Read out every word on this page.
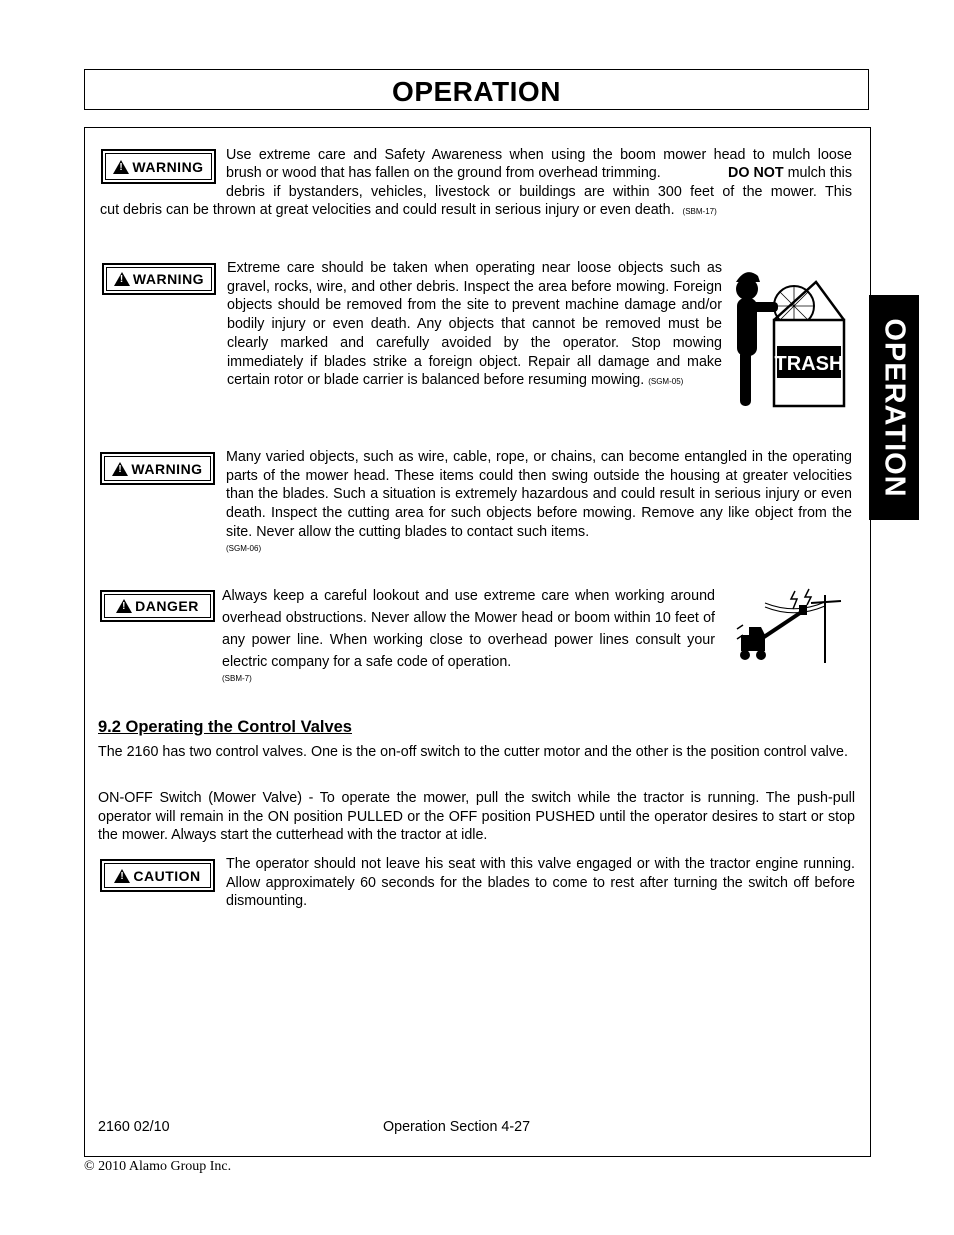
OPERATION
OPERATION
!
WARNING
Use extreme care and Safety Awareness when using the boom mower head to mulch loose
brush or wood that has fallen on the ground from overhead trimming.	DO NOT mulch this
debris if bystanders, vehicles, livestock or buildings are within 300 feet of the mower. This
cut debris can be thrown at great velocities and could result in serious injury or even death. (SBM-17)
!
WARNING
Extreme care should be taken when operating near loose objects such as gravel, rocks, wire, and other debris. Inspect the area before mowing. Foreign objects should be removed from the site to prevent machine damage and/or bodily injury or even death. Any objects that cannot be removed must be clearly marked and carefully avoided by the operator. Stop mowing immediately if blades strike a foreign object. Repair all damage and make certain rotor or blade carrier is balanced before resuming mowing. (SGM-05)
TRASH
!
WARNING
Many varied objects, such as wire, cable, rope, or chains, can become entangled in the operating parts of the mower head. These items could then swing outside the housing at greater velocities than the blades. Such a situation is extremely hazardous and could result in serious injury or even death. Inspect the cutting area for such objects before mowing. Remove any like object from the site. Never allow the cutting blades to contact such items.
(SGM-06)
!
DANGER
Always keep a careful lookout and use extreme care when working around overhead obstructions. Never allow the Mower head or boom within 10 feet of any power line. When working close to overhead power lines consult your electric company for a safe code of operation.
(SBM-7)
9.2 Operating the Control Valves
The 2160 has two control valves. One is the on-off switch to the cutter motor and the other is the position control valve.
ON-OFF Switch (Mower Valve) - To operate the mower, pull the switch while the tractor is running. The push-pull operator will remain in the ON position PULLED or the OFF position PUSHED until the operator desires to start or stop the mower. Always start the cutterhead with the tractor at idle.
!
CAUTION
The operator should not leave his seat with this valve engaged or with the tractor engine running. Allow approximately 60 seconds for the blades to come to rest after turning the switch off before dismounting.
2160 02/10	Operation Section 4-27
© 2010 Alamo Group Inc.
